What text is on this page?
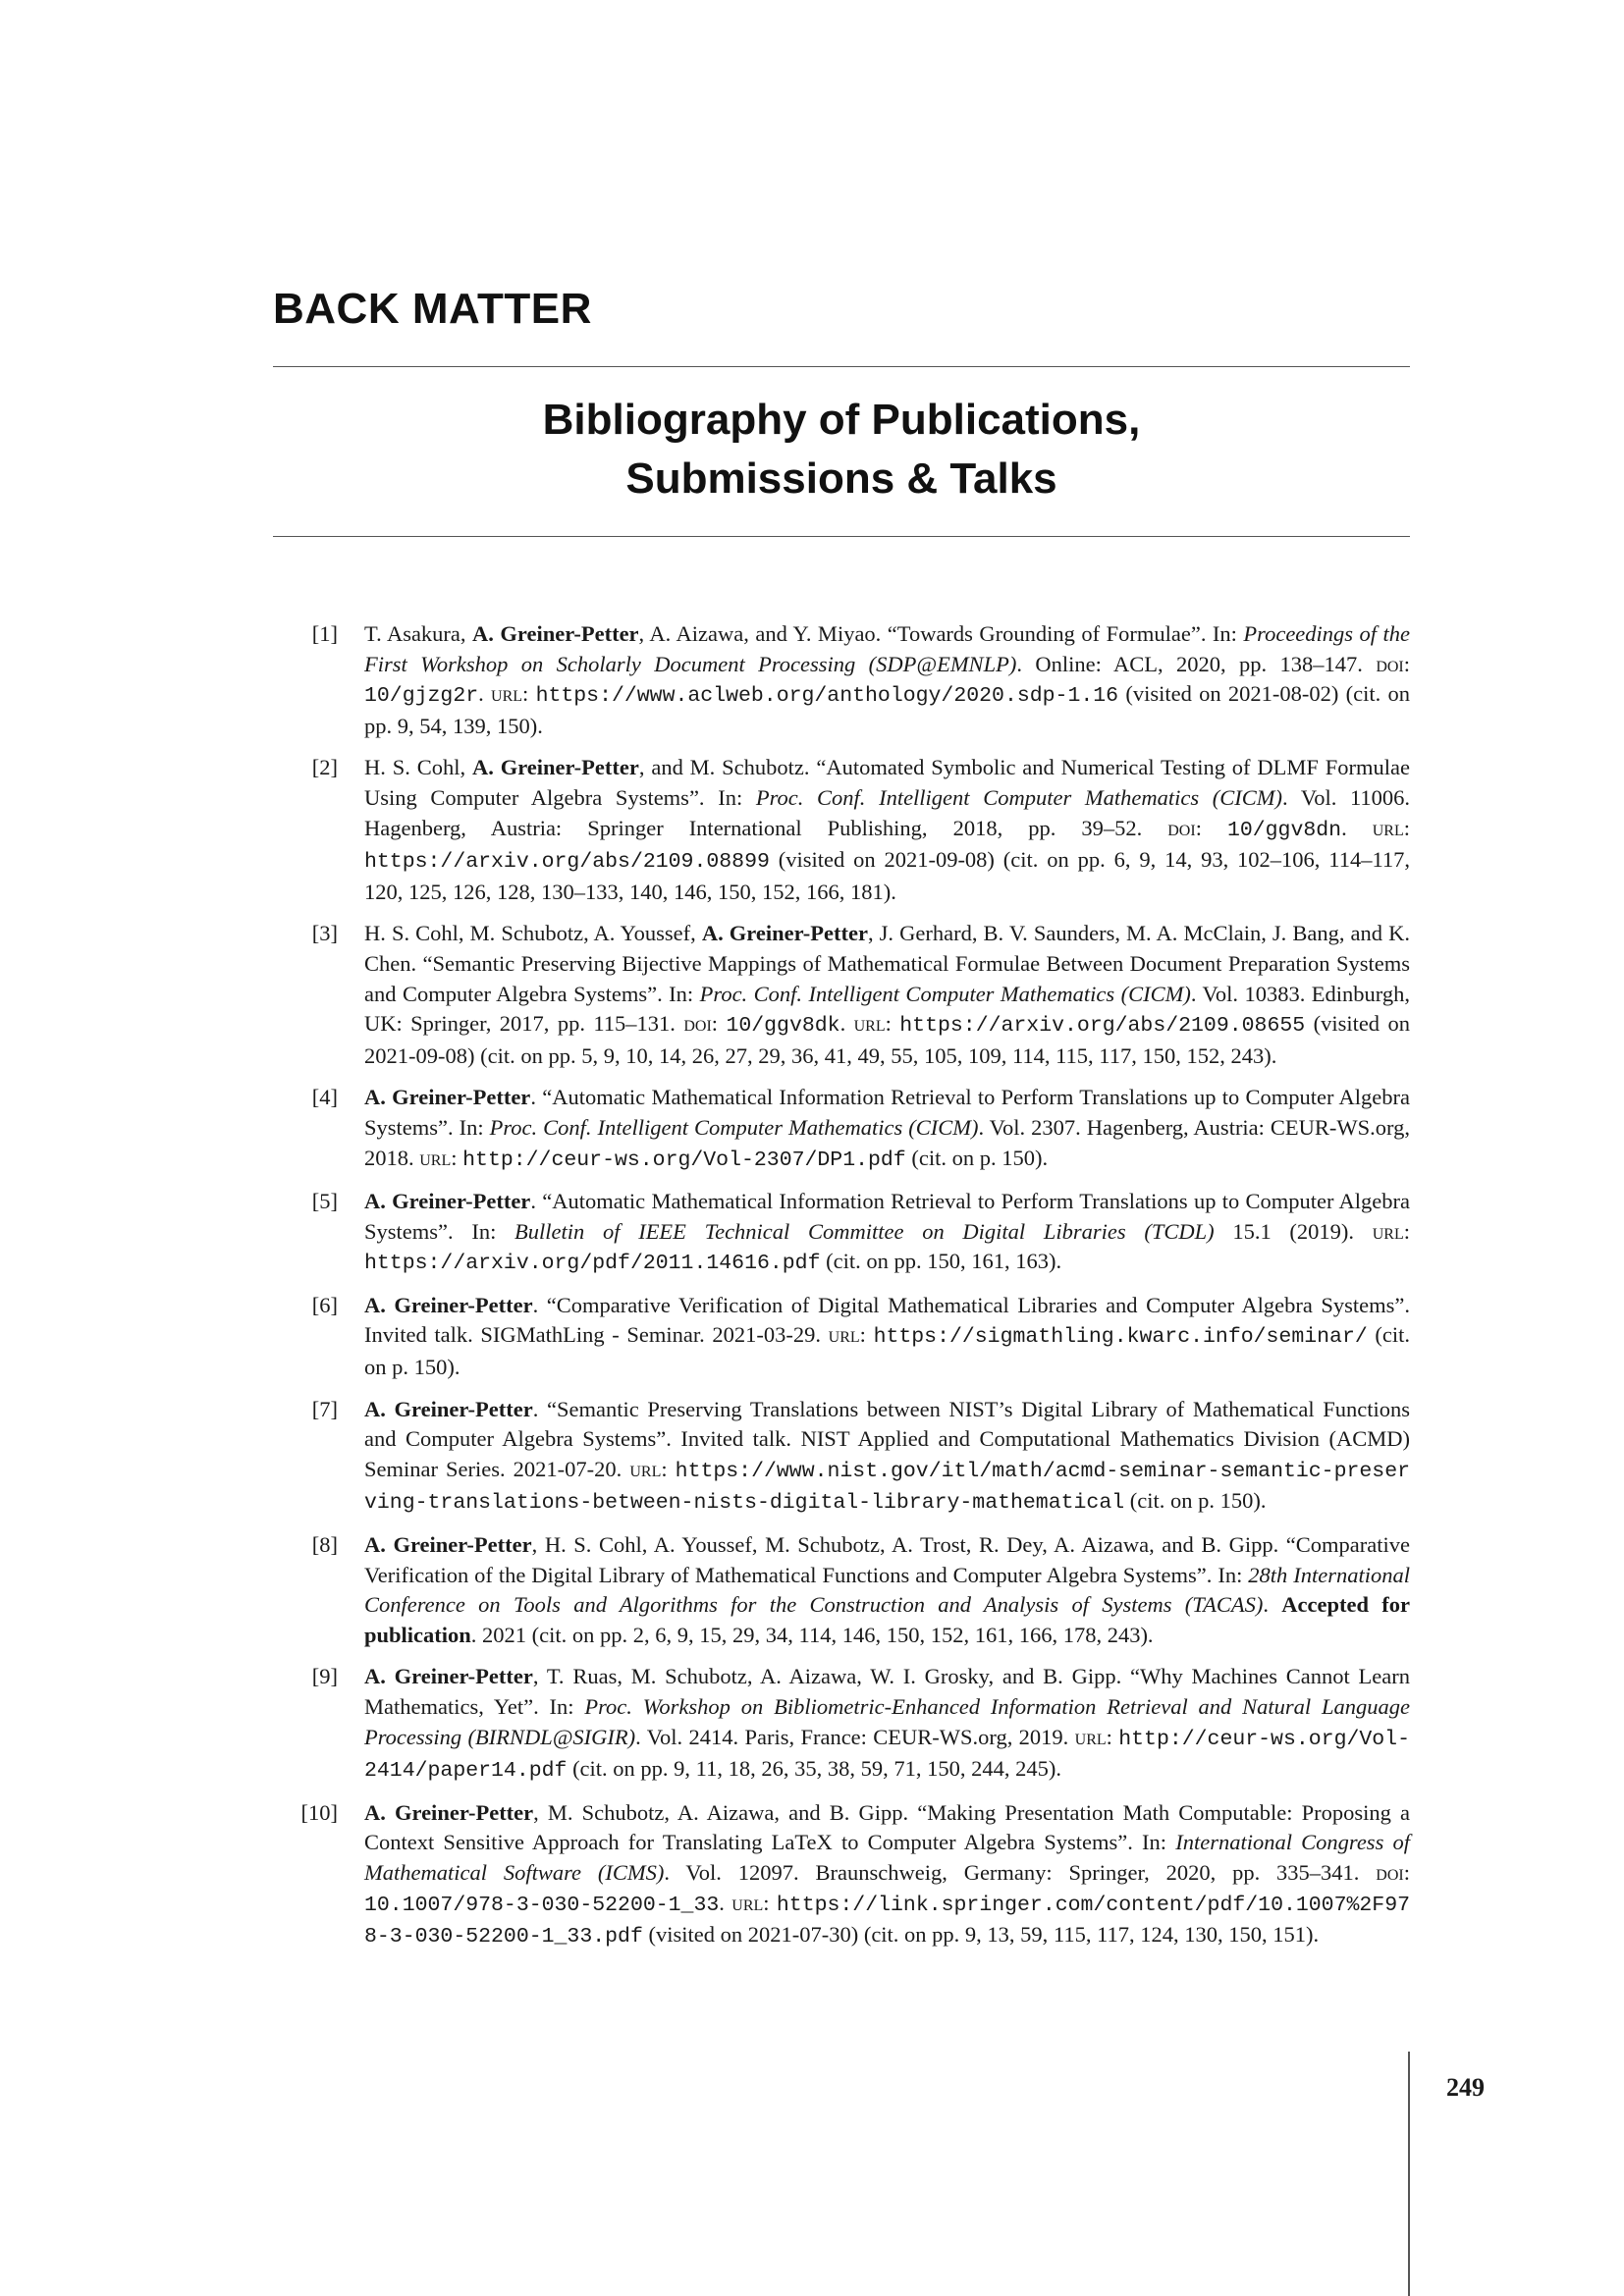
BACK MATTER
Bibliography of Publications,
Submissions & Talks
[1] T. Asakura, A. Greiner-Petter, A. Aizawa, and Y. Miyao. “Towards Grounding of Formulae”. In: Proceedings of the First Workshop on Scholarly Document Processing (SDP@EMNLP). Online: ACL, 2020, pp. 138–147. doi: 10/gjzg2r. url: https://www.aclweb.org/anthology/2020.sdp-1.16 (visited on 2021-08-02) (cit. on pp. 9, 54, 139, 150).
[2] H. S. Cohl, A. Greiner-Petter, and M. Schubotz. “Automated Symbolic and Numerical Testing of DLMF Formulae Using Computer Algebra Systems”. In: Proc. Conf. Intelligent Computer Mathematics (CICM). Vol. 11006. Hagenberg, Austria: Springer International Publishing, 2018, pp. 39–52. doi: 10/ggv8dn. url: https://arxiv.org/abs/2109.08899 (visited on 2021-09-08) (cit. on pp. 6, 9, 14, 93, 102–106, 114–117, 120, 125, 126, 128, 130–133, 140, 146, 150, 152, 166, 181).
[3] H. S. Cohl, M. Schubotz, A. Youssef, A. Greiner-Petter, J. Gerhard, B. V. Saunders, M. A. McClain, J. Bang, and K. Chen. “Semantic Preserving Bijective Mappings of Mathematical Formulae Between Document Preparation Systems and Computer Algebra Systems”. In: Proc. Conf. Intelligent Computer Mathematics (CICM). Vol. 10383. Edinburgh, UK: Springer, 2017, pp. 115–131. doi: 10/ggv8dk. url: https://arxiv.org/abs/2109.08655 (visited on 2021-09-08) (cit. on pp. 5, 9, 10, 14, 26, 27, 29, 36, 41, 49, 55, 105, 109, 114, 115, 117, 150, 152, 243).
[4] A. Greiner-Petter. “Automatic Mathematical Information Retrieval to Perform Translations up to Computer Algebra Systems”. In: Proc. Conf. Intelligent Computer Mathematics (CICM). Vol. 2307. Hagenberg, Austria: CEUR-WS.org, 2018. url: http://ceur-ws.org/Vol-2307/DP1.pdf (cit. on p. 150).
[5] A. Greiner-Petter. “Automatic Mathematical Information Retrieval to Perform Translations up to Computer Algebra Systems”. In: Bulletin of IEEE Technical Committee on Digital Libraries (TCDL) 15.1 (2019). url: https://arxiv.org/pdf/2011.14616.pdf (cit. on pp. 150, 161, 163).
[6] A. Greiner-Petter. “Comparative Verification of Digital Mathematical Libraries and Computer Algebra Systems”. Invited talk. SIGMathLing - Seminar. 2021-03-29. url: https://sigmathling.kwarc.info/seminar/ (cit. on p. 150).
[7] A. Greiner-Petter. “Semantic Preserving Translations between NIST’s Digital Library of Mathematical Functions and Computer Algebra Systems”. Invited talk. NIST Applied and Computational Mathematics Division (ACMD) Seminar Series. 2021-07-20. url: https://www.nist.gov/itl/math/acmd-seminar-semantic-preserving-translations-between-nists-digital-library-mathematical (cit. on p. 150).
[8] A. Greiner-Petter, H. S. Cohl, A. Youssef, M. Schubotz, A. Trost, R. Dey, A. Aizawa, and B. Gipp. “Comparative Verification of the Digital Library of Mathematical Functions and Computer Algebra Systems”. In: 28th International Conference on Tools and Algorithms for the Construction and Analysis of Systems (TACAS). Accepted for publication. 2021 (cit. on pp. 2, 6, 9, 15, 29, 34, 114, 146, 150, 152, 161, 166, 178, 243).
[9] A. Greiner-Petter, T. Ruas, M. Schubotz, A. Aizawa, W. I. Grosky, and B. Gipp. “Why Machines Cannot Learn Mathematics, Yet”. In: Proc. Workshop on Bibliometric-Enhanced Information Retrieval and Natural Language Processing (BIRNDL@SIGIR). Vol. 2414. Paris, France: CEUR-WS.org, 2019. url: http://ceur-ws.org/Vol-2414/paper14.pdf (cit. on pp. 9, 11, 18, 26, 35, 38, 59, 71, 150, 244, 245).
[10] A. Greiner-Petter, M. Schubotz, A. Aizawa, and B. Gipp. “Making Presentation Math Computable: Proposing a Context Sensitive Approach for Translating LaTeX to Computer Algebra Systems”. In: International Congress of Mathematical Software (ICMS). Vol. 12097. Braunschweig, Germany: Springer, 2020, pp. 335–341. doi: 10.1007/978-3-030-52200-1_33. url: https://link.springer.com/content/pdf/10.1007%2F978-3-030-52200-1_33.pdf (visited on 2021-07-30) (cit. on pp. 9, 13, 59, 115, 117, 124, 130, 150, 151).
249
